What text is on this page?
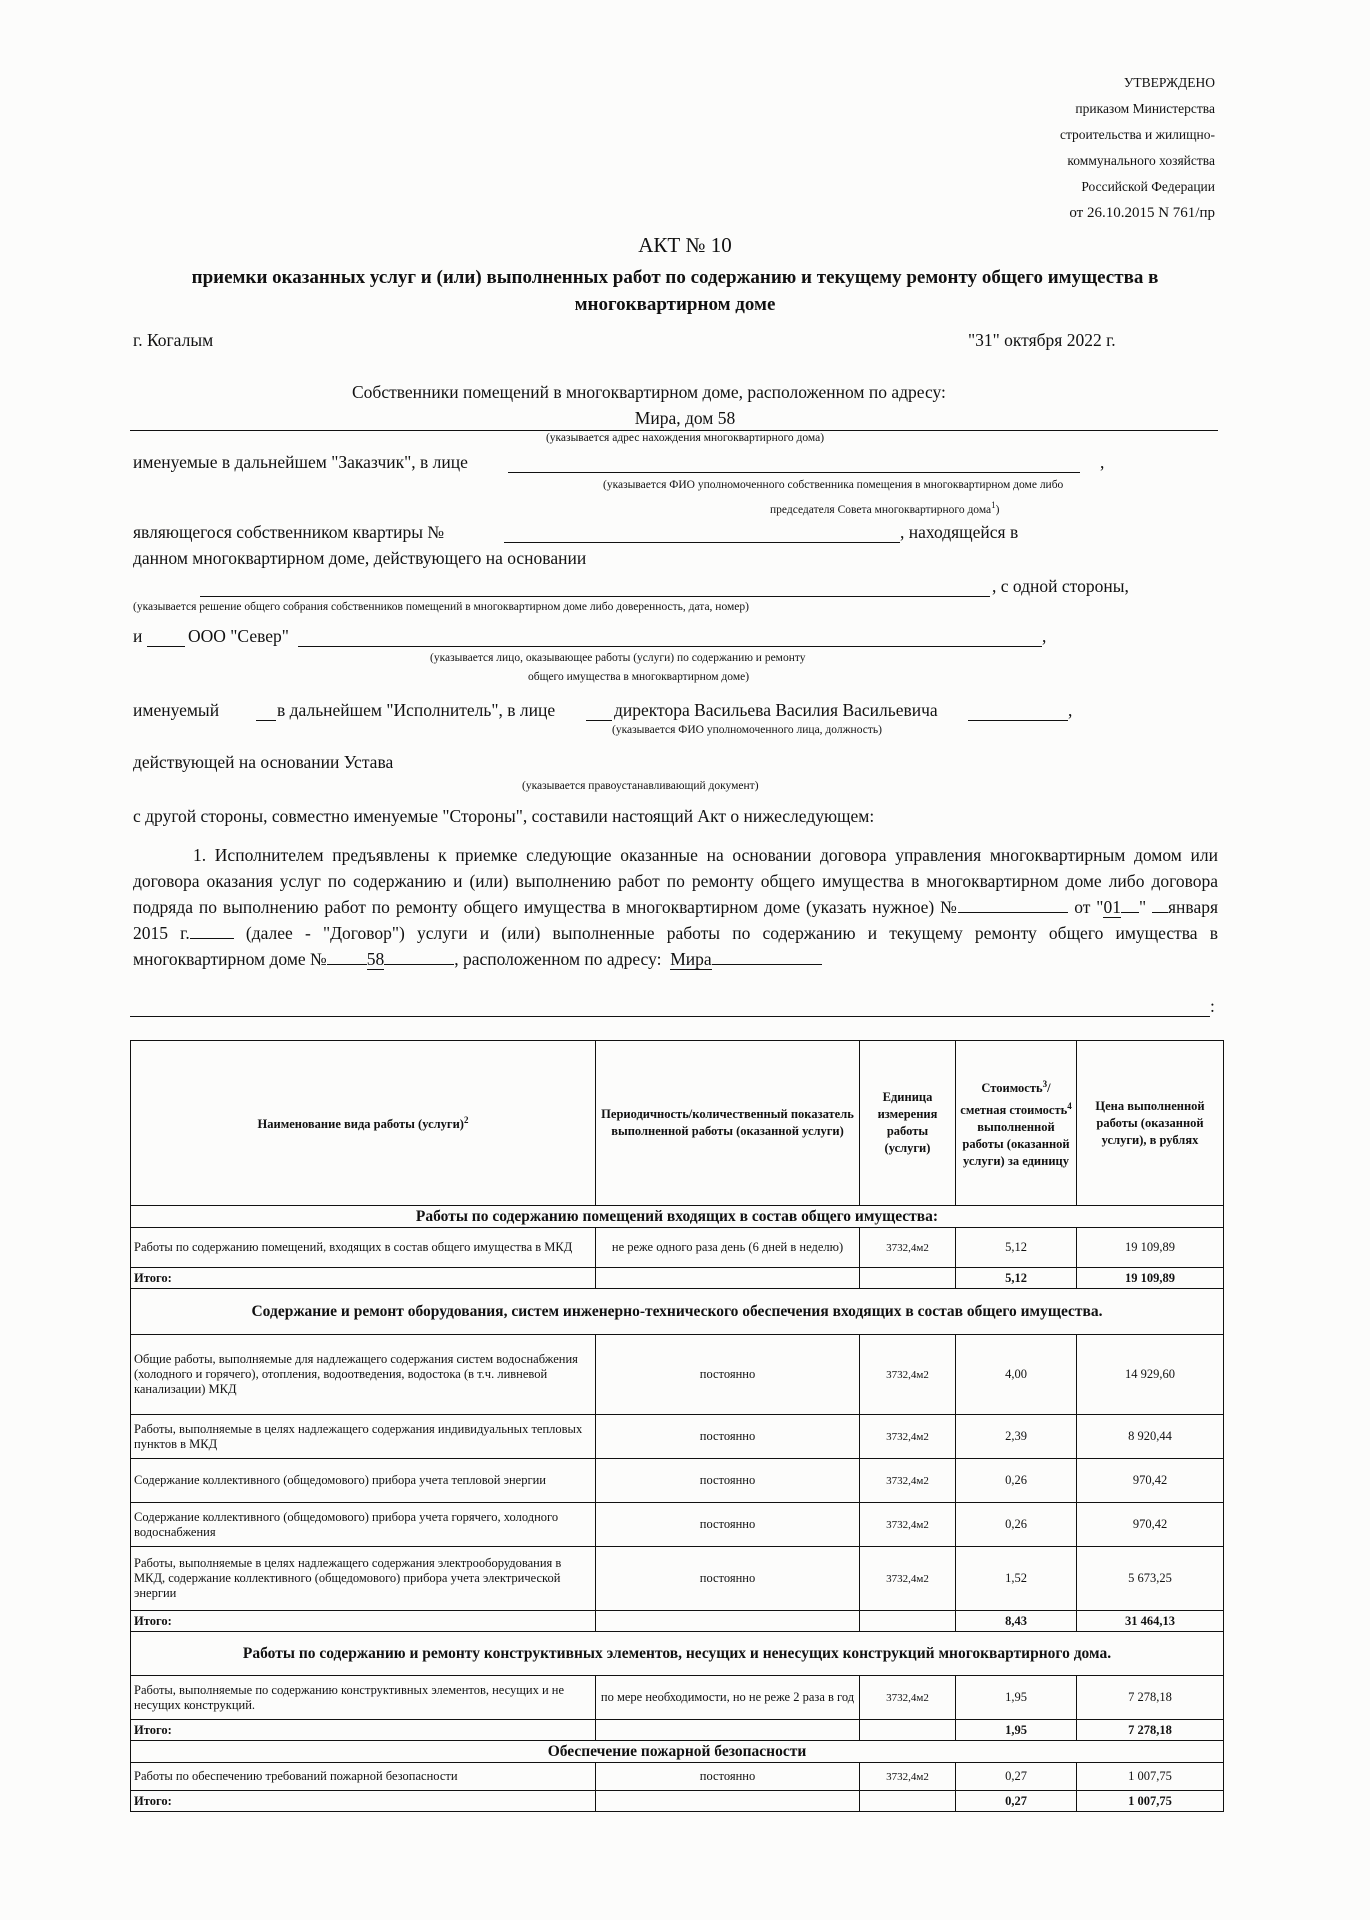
УТВЕРЖДЕНО
приказом Министерства
строительства и жилищно-
коммунального хозяйства
Российской Федерации
от 26.10.2015 N 761/пр
АКТ № 10
приемки оказанных услуг и (или) выполненных работ по содержанию и текущему ремонту общего имущества в многоквартирном доме
г. Когалым	"31" октября 2022 г.
Собственники помещений в многоквартирном доме, расположенном по адресу:
Мира, дом 58
(указывается адрес нахождения многоквартирного дома)
именуемые в дальнейшем "Заказчик", в лице	,
(указывается ФИО уполномоченного собственника помещения в многоквартирном доме либо
председателя Совета многоквартирного дома$^1$)
являющегося собственником квартиры №	, находящейся в
данном многоквартирном доме, действующего на основании
, с одной стороны,
(указывается решение общего собрания собственников помещений в многоквартирном доме либо доверенность, дата, номер)
и	ООО "Север"	,
(указывается лицо, оказывающее работы (услуги) по содержанию и ремонту
общего имущества в многоквартирном доме)
именуемый	в дальнейшем "Исполнитель", в лице	директора Васильева Василия Васильевича	,
(указывается ФИО уполномоченного лица, должность)
действующей на основании Устава
(указывается правоустанавливающий документ)
с другой стороны, совместно именуемые "Стороны", составили настоящий Акт о нижеследующем:
1. Исполнителем предъявлены к приемке следующие оказанные на основании договора управления многоквартирным домом или договора оказания услуг по содержанию и (или) выполнению работ по ремонту общего имущества в многоквартирном доме либо договора подряда по выполнению работ по ремонту общего имущества в многоквартирном доме (указать нужное) №	от "01 " января 2015 г.	(далее - "Договор") услуги и (или) выполненные работы по содержанию и текущему ремонту общего имущества в многоквартирном доме № 58	, расположенном по адресу: Мира
:
Наименование вида работы (услуги)$^2$	Периодичность/количественный показатель выполненной работы (оказанной услуги)	Единица измерения работы (услуги)	Стоимость$^3$/сметная стоимость$^4$ выполненной работы (оказанной услуги) за единицу	Цена выполненной работы (оказанной услуги), в рублях
Работы по содержанию помещений входящих в состав общего имущества:				
Работы по содержанию помещений, входящих в состав общего имущества в МКД	не реже одного раза день (6 дней в неделю)	3732,4м2	5,12	19 109,89
Итого:			5,12	19 109,89
Содержание и ремонт оборудования, систем инженерно-технического обеспечения входящих в состав общего имущества.				
Общие работы, выполняемые для надлежащего содержания систем водоснабжения (холодного и горячего), отопления, водоотведения, водостока (в т.ч. ливневой канализации) МКД	постоянно	3732,4м2	4,00	14 929,60
Работы, выполняемые в целях надлежащего содержания индивидуальных тепловых пунктов в МКД	постоянно	3732,4м2	2,39	8 920,44
Содержание коллективного (общедомового) прибора учета тепловой энергии	постоянно	3732,4м2	0,26	970,42
Содержание коллективного (общедомового) прибора учета горячего, холодного водоснабжения	постоянно	3732,4м2	0,26	970,42
Работы, выполняемые в целях надлежащего содержания электрооборудования в МКД, содержание коллективного (общедомового) прибора учета электрической энергии	постоянно	3732,4м2	1,52	5 673,25
Итого:			8,43	31 464,13
Работы по содержанию и ремонту конструктивных элементов, несущих и ненесущих конструкций многоквартирного дома.				
Работы, выполняемые по содержанию конструктивных элементов, несущих и не несущих конструкций.	по мере необходимости, но не реже 2 раза в год	3732,4м2	1,95	7 278,18
Итого:			1,95	7 278,18
Обеспечение пожарной безопасности				
Работы по обеспечению требований пожарной безопасности	постоянно	3732,4м2	0,27	1 007,75
Итого:			0,27	1 007,75
